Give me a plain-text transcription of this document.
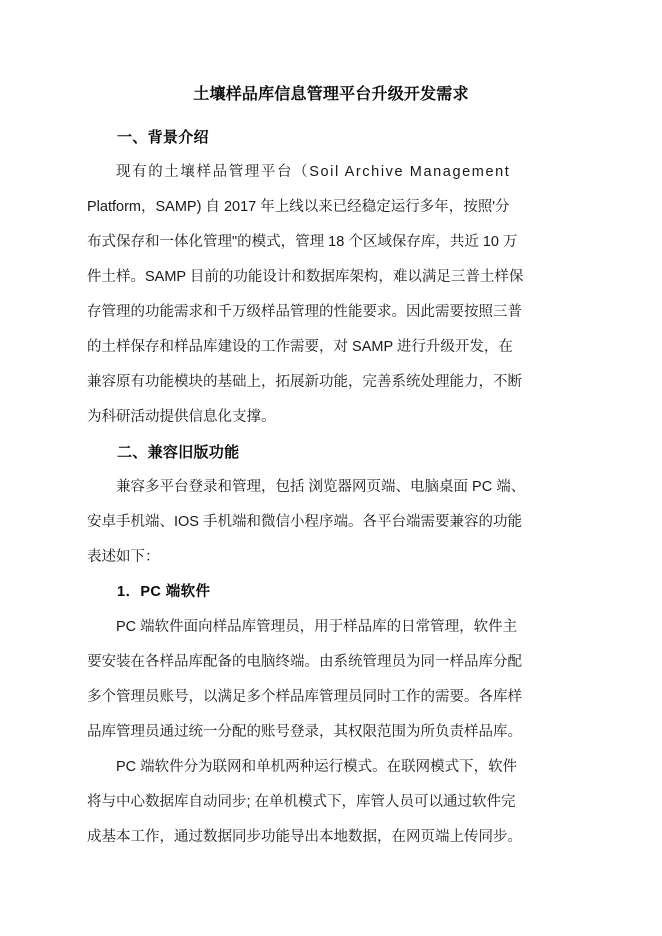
土壤样品库信息管理平台升级开发需求
一、背景介绍
现有的土壤样品管理平台（Soil Archive Management
Platform，SAMP) 自 2017 年上线以来已经稳定运行多年，按照'分
布式保存和一体化管理"的模式，管理 18 个区域保存库，共近 10 万
件土样。SAMP 目前的功能设计和数据库架构，难以满足三普土样保
存管理的功能需求和千万级样品管理的性能要求。因此需要按照三普
的土样保存和样品库建设的工作需要，对 SAMP 进行升级开发，在
兼容原有功能模块的基础上，拓展新功能，完善系统处理能力，不断
为科研活动提供信息化支撑。
二、兼容旧版功能
兼容多平台登录和管理，包括 浏览器网页端、电脑桌面 PC 端、
安卓手机端、IOS 手机端和微信小程序端。各平台端需要兼容的功能
表述如下：
1．PC 端软件
PC 端软件面向样品库管理员，用于样品库的日常管理，软件主
要安装在各样品库配备的电脑终端。由系统管理员为同一样品库分配
多个管理员账号，以满足多个样品库管理员同时工作的需要。各库样
品库管理员通过统一分配的账号登录，其权限范围为所负责样品库。
PC 端软件分为联网和单机两种运行模式。在联网模式下，软件
将与中心数据库自动同步; 在单机模式下，库管人员可以通过软件完
成基本工作，通过数据同步功能导出本地数据，在网页端上传同步。
